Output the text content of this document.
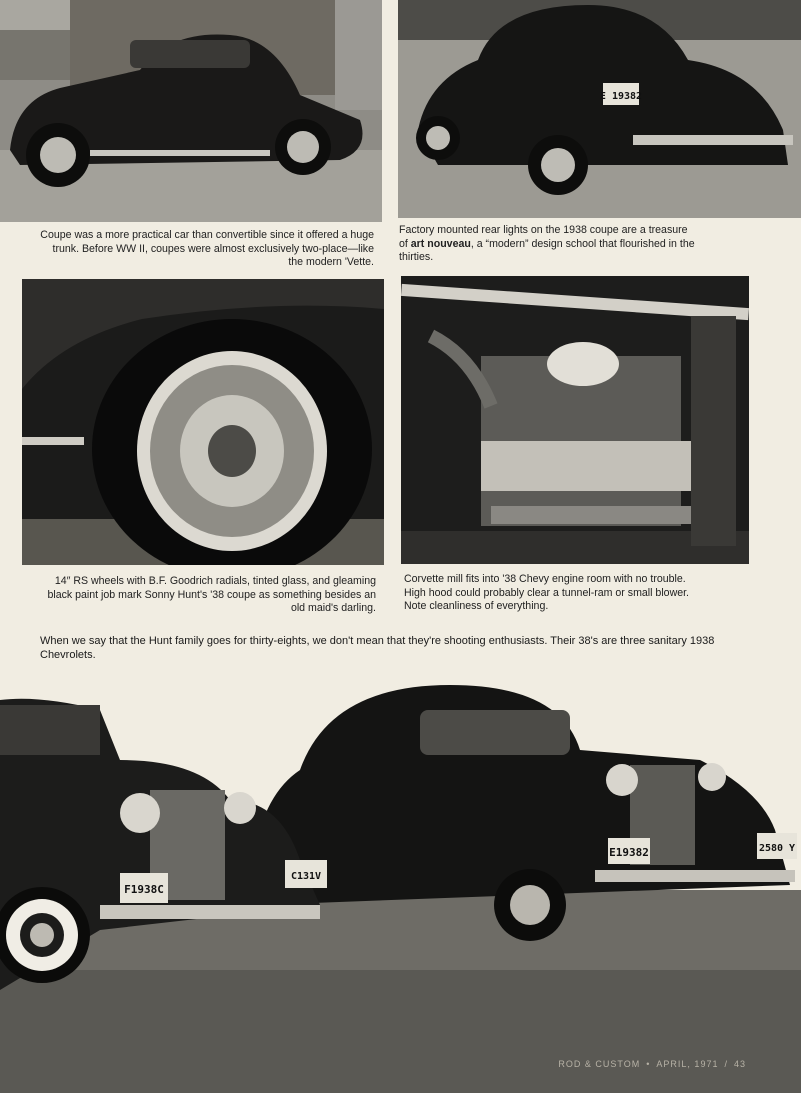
E 19382

Coupe was a more practical car than convertible since it offered a huge trunk. Before WW II, coupes were almost exclusively two-place—like the modern 'Vette.

Factory mounted rear lights on the 1938 coupe are a treasure of art nouveau, a “modern” design school that flourished in the thirties.

14″ RS wheels with B.F. Goodrich radials, tinted glass, and gleaming black paint job mark Sonny Hunt's '38 coupe as something besides an old maid's darling.

Corvette mill fits into '38 Chevy engine room with no trouble. High hood could probably clear a tunnel-ram or small blower. Note cleanliness of everything.

When we say that the Hunt family goes for thirty-eights, we don't mean that they're shooting enthusiasts. Their 38's are three sanitary 1938 Chevrolets.

E19382	2580 Y
F1938C
C131V
ROD & CUSTOM • APRIL, 1971 / 43
